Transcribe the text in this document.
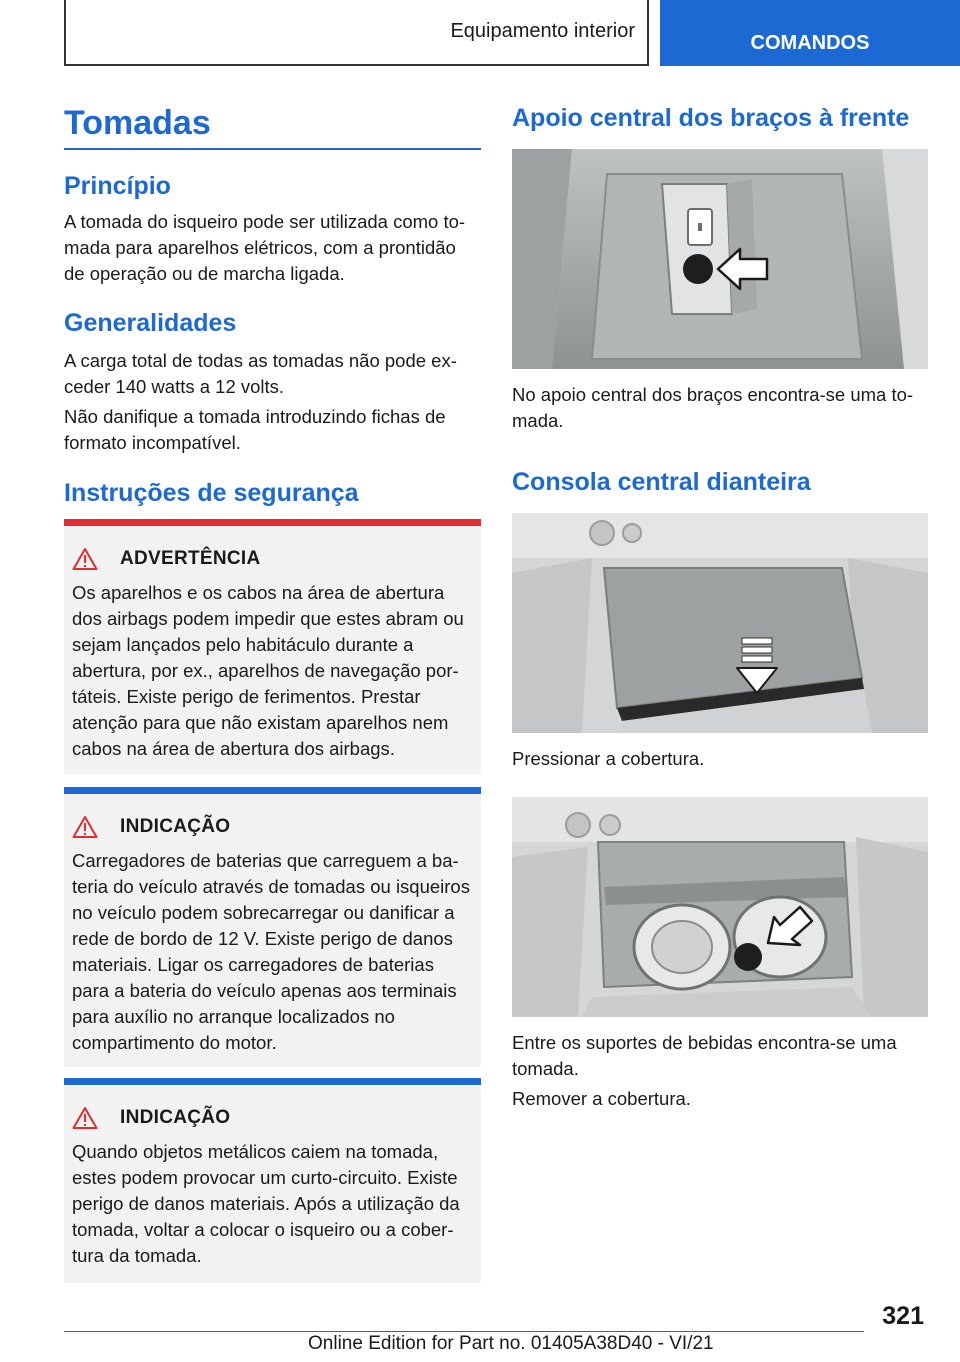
Equipamento interior
COMANDOS
Tomadas
Princípio

A tomada do isqueiro pode ser utilizada como tomada para aparelhos elétricos, com a prontidão de operação ou de marcha ligada.

Generalidades

A carga total de todas as tomadas não pode exceder 140 watts a 12 volts.

Não danifique a tomada introduzindo fichas de formato incompatível.

Instruções de segurança
ADVERTÊNCIA
Os aparelhos e os cabos na área de abertura dos airbags podem impedir que estes abram ou sejam lançados pelo habitáculo durante a abertura, por ex., aparelhos de navegação portáteis. Existe perigo de ferimentos. Prestar atenção para que não existam aparelhos nem cabos na área de abertura dos airbags.
INDICAÇÃO
Carregadores de baterias que carreguem a bateria do veículo através de tomadas ou isqueiros no veículo podem sobrecarregar ou danificar a rede de bordo de 12 V. Existe perigo de danos materiais. Ligar os carregadores de baterias para a bateria do veículo apenas aos terminais para auxílio no arranque localizados no compartimento do motor.
INDICAÇÃO
Quando objetos metálicos caiem na tomada, estes podem provocar um curto-circuito. Existe perigo de danos materiais. Após a utilização da tomada, voltar a colocar o isqueiro ou a cobertura da tomada.
Apoio central dos braços à frente

No apoio central dos braços encontra-se uma tomada.

Consola central dianteira

Pressionar a cobertura.

Entre os suportes de bebidas encontra-se uma tomada.

Remover a cobertura.

321
Online Edition for Part no. 01405A38D40 - VI/21
